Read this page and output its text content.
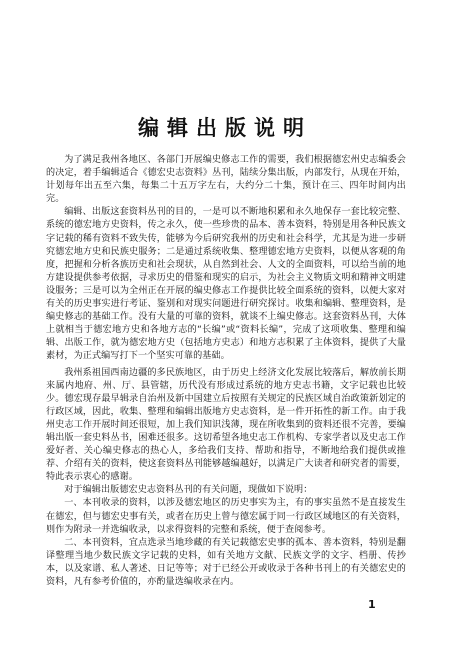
编辑出版说明

为了满足我州各地区、各部门开展编史修志工作的需要，我们根据德宏州史志编委会的决定，着手编辑适合《德宏史志资料》丛刊，陆续分集出版，内部发行，从现在开始，计划每年出五至六集，每集二十五万字左右，大约分二十集，预计在三、四年时间内出完。

编辑、出版这套资料丛刊的目的，一是可以不断地积累和永久地保存一套比较完整、系统的德宏地方史资料，传之永久，使一些珍贵的品本、善本资料，特别是用各种民族文字记载的稀有资料不致失传，能够为今后研究我州的历史和社会科学，尤其是为进一步研究德宏地方史和民族史服务；二是通过系统收集、整理德宏地方史资料，以便从客观的角度，把握和分析各族历史和社会现状，从自然到社会、人文的全面资料，可以给当前的地方建设提供参考依据，寻求历史的借鉴和现实的启示，为社会主义物质文明和精神文明建设服务；三是可以为全州正在开展的编史修志工作提供比较全面系统的资料，以便大家对有关的历史事实进行考证、鉴别和对现实问题进行研究探讨。收集和编辑、整理资料，是编史修志的基础工作。没有大量的可靠的资料，就谈不上编史修志。这套资料丛刊，大体上就相当于德宏地方史和各地方志的“长编”或“资料长编”，完成了这项收集、整理和编辑、出版工作，就为德宏地方史（包括地方史志）和地方志积累了主体资料，提供了大量素材，为正式编写打下一个坚实可靠的基础。

我州系祖国西南边疆的多民族地区，由于历史上经济文化发展比较落后，解放前长期来属内地府、州、厅、县管辖，历代没有形成过系统的地方史志书籍，文字记载也比较少。德宏现存最早辑录自治州及新中国建立后按照有关规定的民族区域自治政策新划定的行政区域，因此，收集、整理和编辑出版地方史志资料，是一件开拓性的新工作。由于我州史志工作开展时间还很短，加上我们知识浅薄，现在所收集到的资料还很不完善，要编辑出版一套史料丛书，困难还很多。这切希望各地史志工作机构、专家学者以及史志工作爱好者、关心编史修志的热心人，多给我们支持、帮助和指导，不断地给我们提供或推荐、介绍有关的资料，使这套资料丛刊能够越编越好，以满足广大读者和研究者的需要，特此表示衷心的感谢。

对于编辑出版德宏史志资料丛刊的有关问题，现做如下说明：

一、本刊收录的资料，以涉及德宏地区的历史事实为主，有的事实虽然不是直接发生在德宏，但与德宏史事有关，或者在历史上曾与德宏属于同一行政区域地区的有关资料，则作为附录一并选编收录，以求得资料的完整和系统，便于查阅参考。

二、本刊资料，宜点选录当地珍藏的有关记载德宏史事的孤本、善本资料，特别是翻译整理当地少数民族文字记载的史料，如有关地方文献、民族文学的文字、档册、传抄本，以及家谱、私人著述、日记等等；对于已经公开或收录于各种书刊上的有关德宏史的资料，凡有参考价值的，亦酌量选编收录在内。

1
